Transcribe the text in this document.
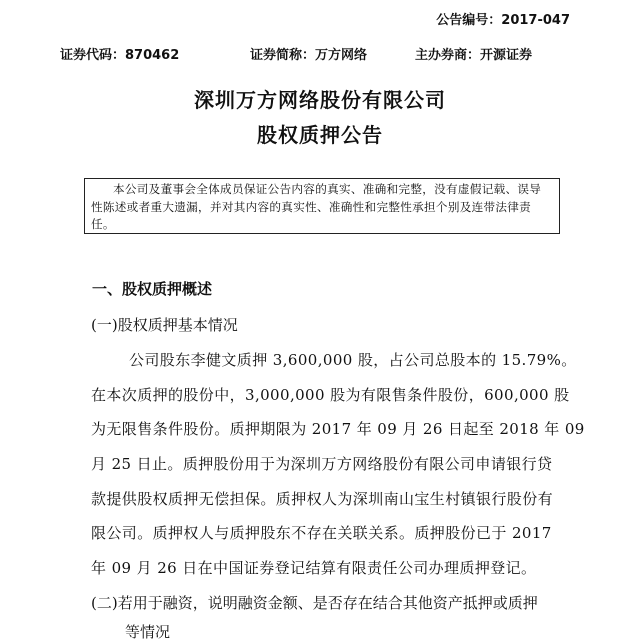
公告编号：2017-047
证券代码：870462	证券简称：万方网络	主办券商：开源证券
深圳万方网络股份有限公司
股权质押公告
本公司及董事会全体成员保证公告内容的真实、准确和完整，没有虚假记载、误导性陈述或者重大遗漏，并对其内容的真实性、准确性和完整性承担个别及连带法律责任。
一、股权质押概述
(一)股权质押基本情况
公司股东李健文质押 3,600,000 股，占公司总股本的 15.79%。
在本次质押的股份中，3,000,000 股为有限售条件股份，600,000 股
为无限售条件股份。质押期限为 2017 年 09 月 26 日起至 2018 年 09
月 25 日止。质押股份用于为深圳万方网络股份有限公司申请银行贷
款提供股权质押无偿担保。质押权人为深圳南山宝生村镇银行股份有
限公司。质押权人与质押股东不存在关联关系。质押股份已于 2017
年 09 月 26 日在中国证券登记结算有限责任公司办理质押登记。
(二)若用于融资，说明融资金额、是否存在结合其他资产抵押或质押
等情况
